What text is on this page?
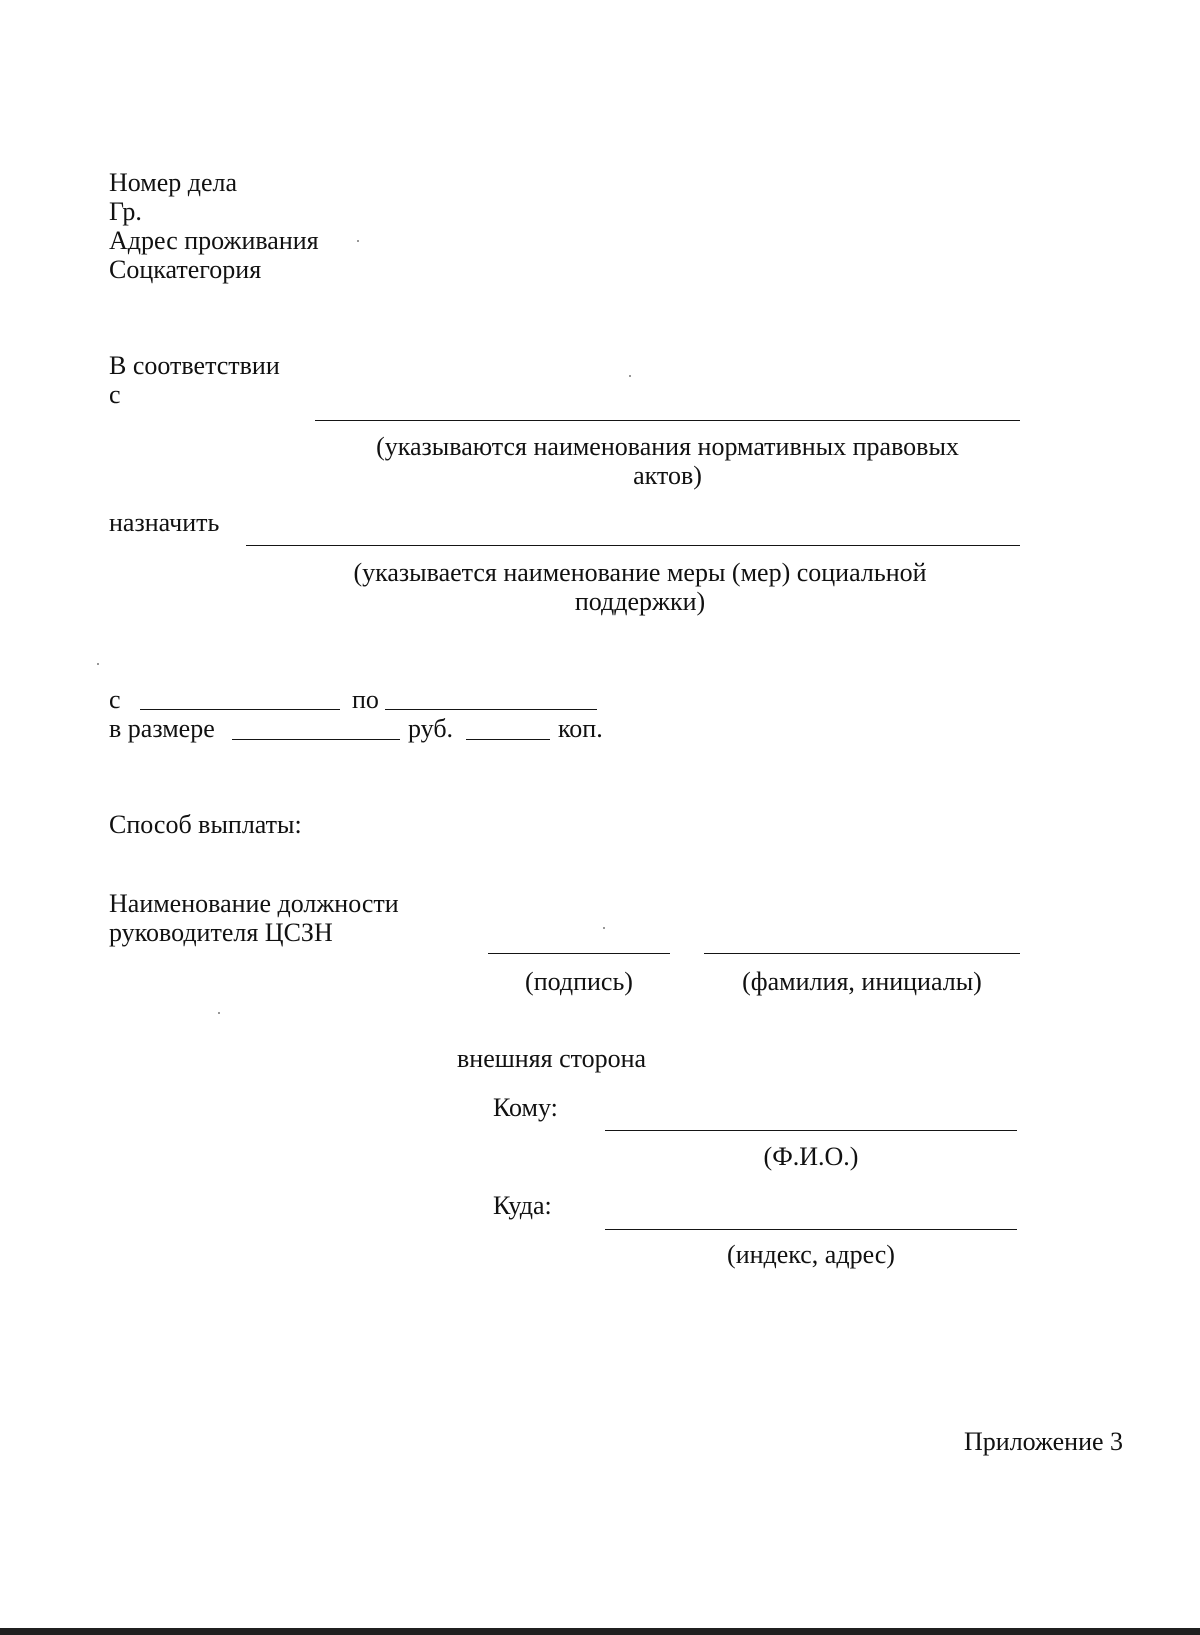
Номер дела
Гр.
Адрес проживания
Соцкатегория
В соответствии
с
(указываются наименования нормативных правовых
актов)
назначить
(указывается наименование меры (мер) социальной
поддержки)
с	по
в размере	руб.	коп.
Способ выплаты:
Наименование должности
руководителя ЦСЗН
(подпись)	(фамилия, инициалы)
внешняя сторона
Кому:
(Ф.И.О.)
Куда:
(индекс, адрес)
Приложение 3
